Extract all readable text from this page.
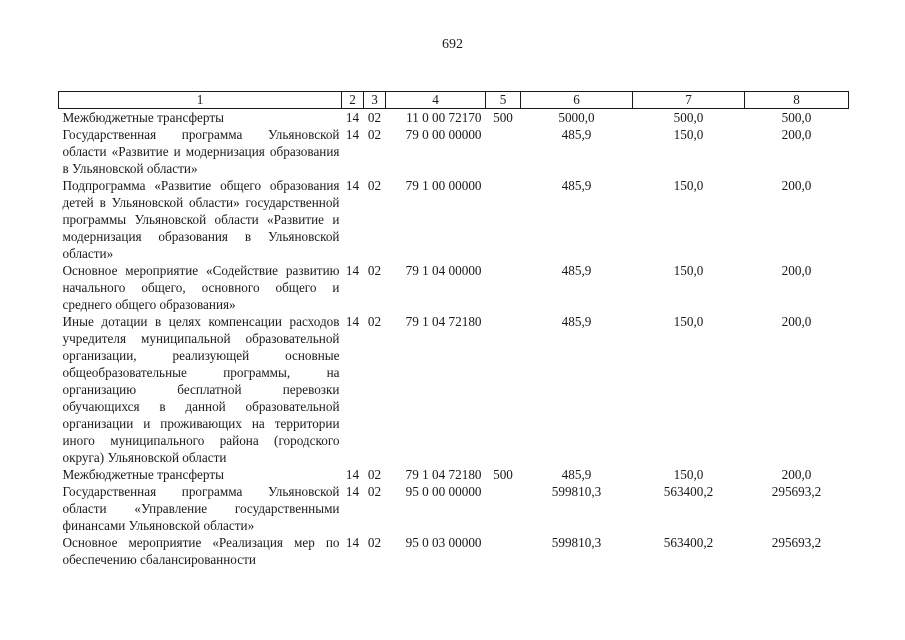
692
1	2	3	4	5	6	7	8
Межбюджетные трансферты	14	02	11 0 00 72170	500	5000,0	500,0	500,0
Государственная программа Ульяновской области «Развитие и модернизация образования в Ульяновской области»	14	02	79 0 00 00000		485,9	150,0	200,0
Подпрограмма «Развитие общего образования детей в Ульяновской области» государственной программы Ульяновской области «Развитие и модернизация образования в Ульяновской области»	14	02	79 1 00 00000		485,9	150,0	200,0
Основное мероприятие «Содействие развитию начального общего, основного общего и среднего общего образования»	14	02	79 1 04 00000		485,9	150,0	200,0
Иные дотации в целях компенсации расходов учредителя муниципальной образовательной организации, реализующей основные общеобразовательные программы, на организацию бесплатной перевозки обучающихся в данной образовательной организации и проживающих на территории иного муниципального района (городского округа) Ульяновской области	14	02	79 1 04 72180		485,9	150,0	200,0
Межбюджетные трансферты	14	02	79 1 04 72180	500	485,9	150,0	200,0
Государственная программа Ульяновской области «Управление государственными финансами Ульяновской области»	14	02	95 0 00 00000		599810,3	563400,2	295693,2
Основное мероприятие «Реализация мер по обеспечению сбалансированности	14	02	95 0 03 00000		599810,3	563400,2	295693,2
